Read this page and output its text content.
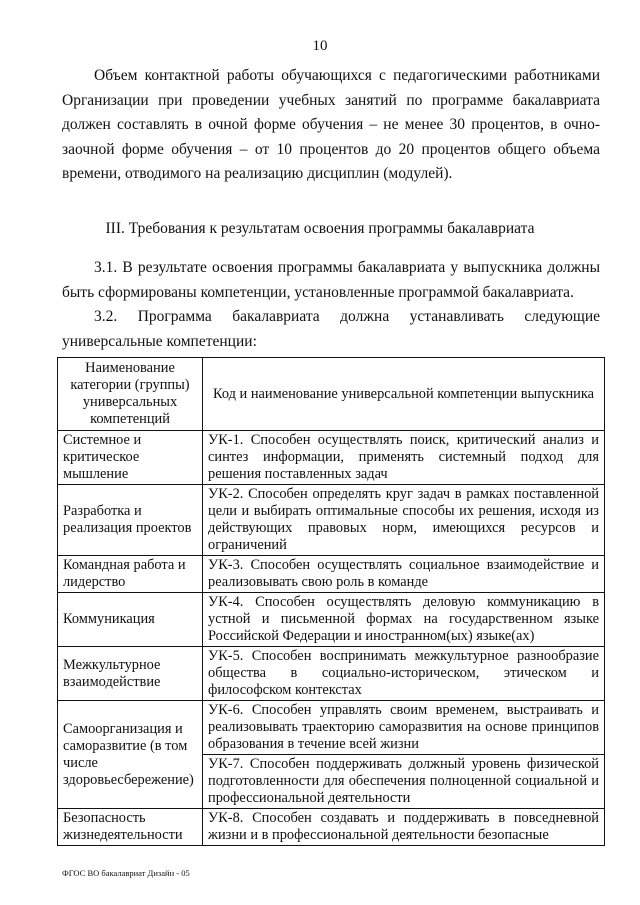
10

Объем контактной работы обучающихся с педагогическими работниками Организации при проведении учебных занятий по программе бакалавриата должен составлять в очной форме обучения – не менее 30 процентов, в очно-заочной форме обучения – от 10 процентов до 20 процентов общего объема времени, отводимого на реализацию дисциплин (модулей).

III. Требования к результатам освоения программы бакалавриата

3.1. В результате освоения программы бакалавриата у выпускника должны быть сформированы компетенции, установленные программой бакалавриата.

3.2. Программа бакалавриата должна устанавливать следующие

универсальные компетенции:

Наименование категории (группы) универсальных компетенций	Код и наименование универсальной компетенции выпускника
Системное и критическое мышление	УК-1. Способен осуществлять поиск, критический анализ и синтез информации, применять системный подход для решения поставленных задач
Разработка и реализация проектов	УК-2. Способен определять круг задач в рамках поставленной цели и выбирать оптимальные способы их решения, исходя из действующих правовых норм, имеющихся ресурсов и ограничений
Командная работа и лидерство	УК-3. Способен осуществлять социальное взаимодействие и реализовывать свою роль в команде
Коммуникация	УК-4. Способен осуществлять деловую коммуникацию в устной и письменной формах на государственном языке Российской Федерации и иностранном(ых) языке(ах)
Межкультурное взаимодействие	УК-5. Способен воспринимать межкультурное разнообразие общества в социально-историческом, этическом и философском контекстах
Самоорганизация и саморазвитие (в том числе здоровьесбережение)	УК-6. Способен управлять своим временем, выстраивать и реализовывать траекторию саморазвития на основе принципов образования в течение всей жизни
	УК-7. Способен поддерживать должный уровень физической подготовленности для обеспечения полноценной социальной и профессиональной деятельности
Безопасность жизнедеятельности	УК-8. Способен создавать и поддерживать в повседневной жизни и в профессиональной деятельности безопасные
ФГОС ВО бакалавриат Дизайн - 05
